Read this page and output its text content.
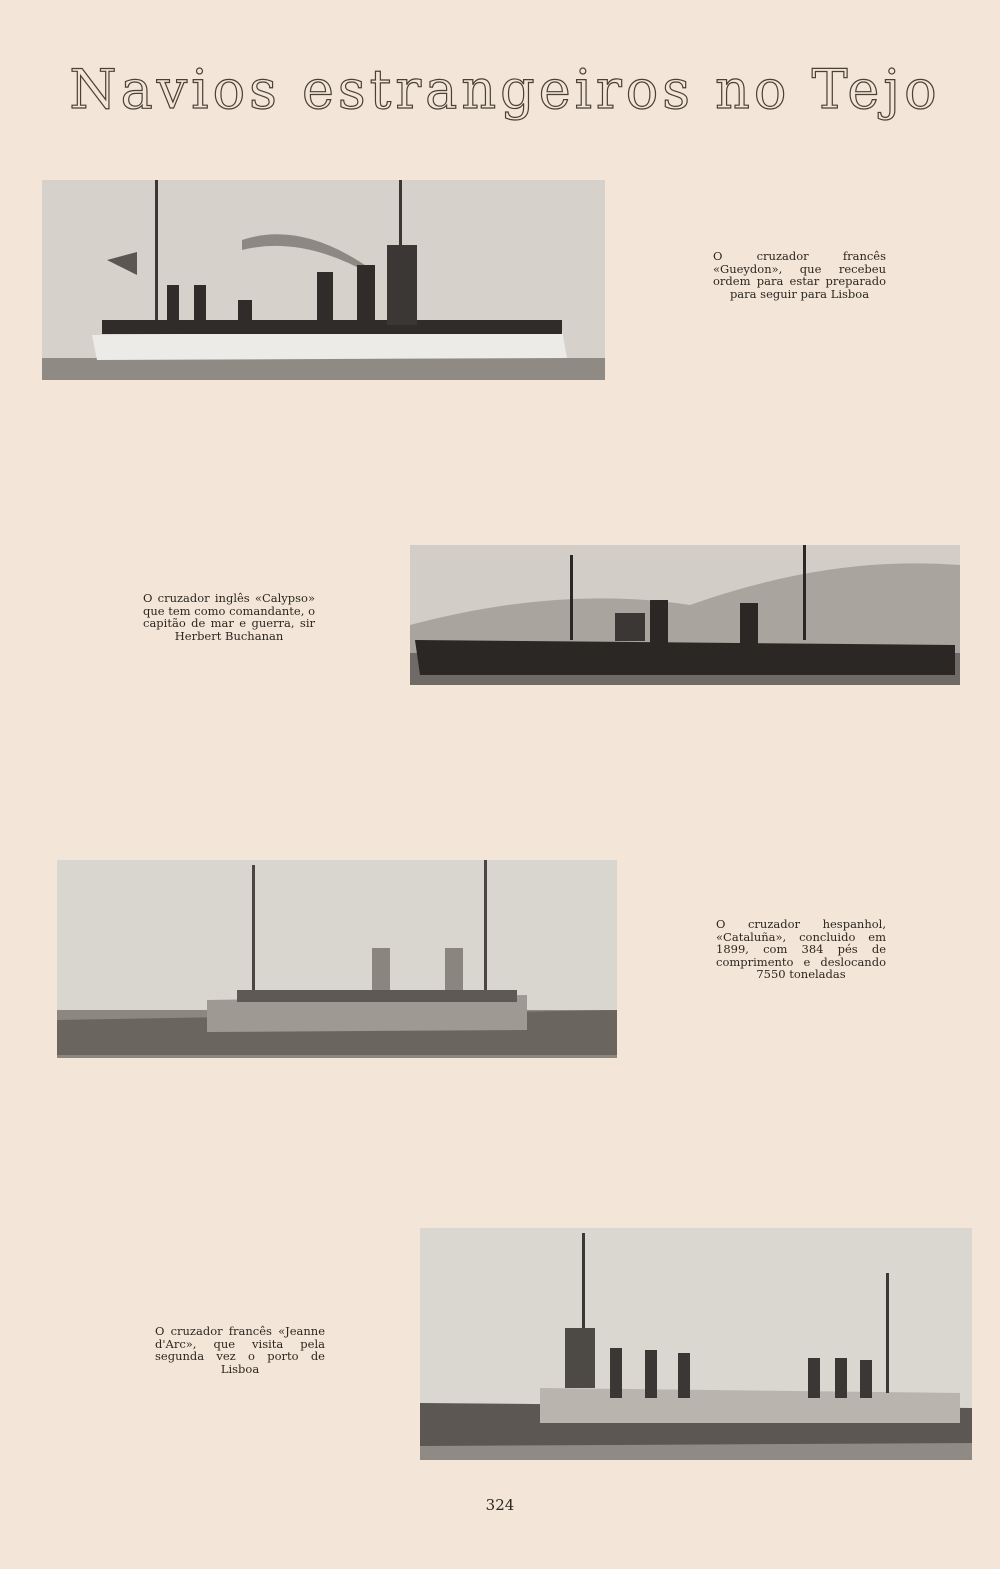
Navios estrangeiros no Tejo
O cruzador francês «Gueydon», que recebeu ordem para estar preparado para seguir para Lisboa
O cruzador inglês «Calypso» que tem como comandante, o capitão de mar e guerra, sir Herbert Buchanan
O cruzador hespanhol, «Cataluña», concluido em 1899, com 384 pés de comprimento e deslocando 7550 toneladas
O cruzador francês «Jeanne d'Arc», que visita pela segunda vez o porto de Lisboa
324
